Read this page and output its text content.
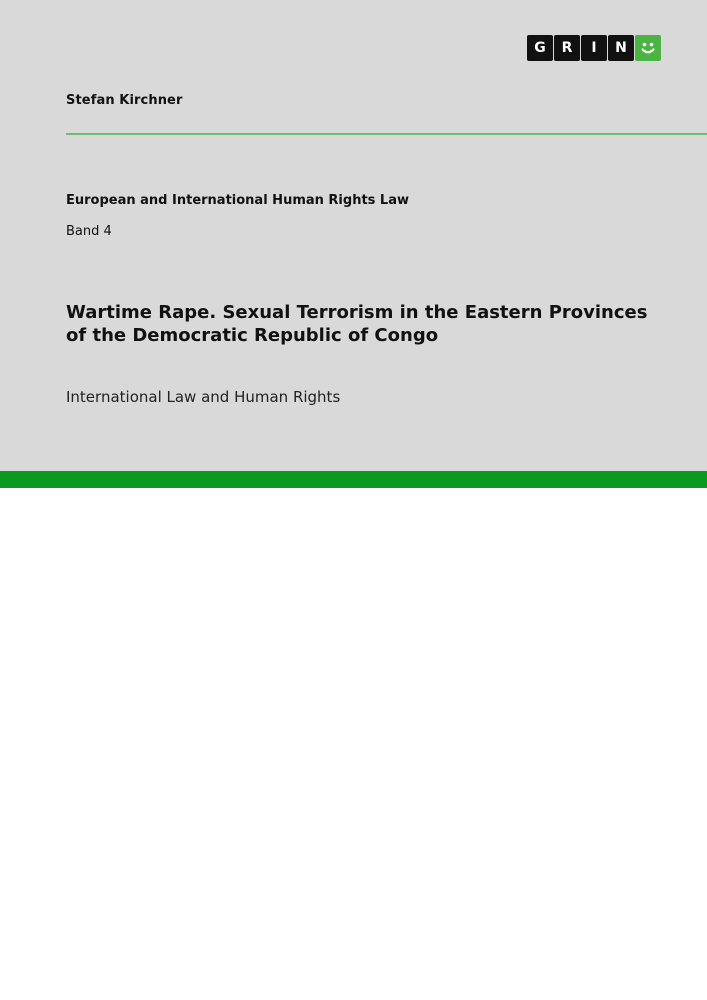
G	R	I	N
Stefan Kirchner
European and International Human Rights Law
Band 4
Wartime Rape. Sexual Terrorism in the Eastern Provinces
of the Democratic Republic of Congo
International Law and Human Rights
